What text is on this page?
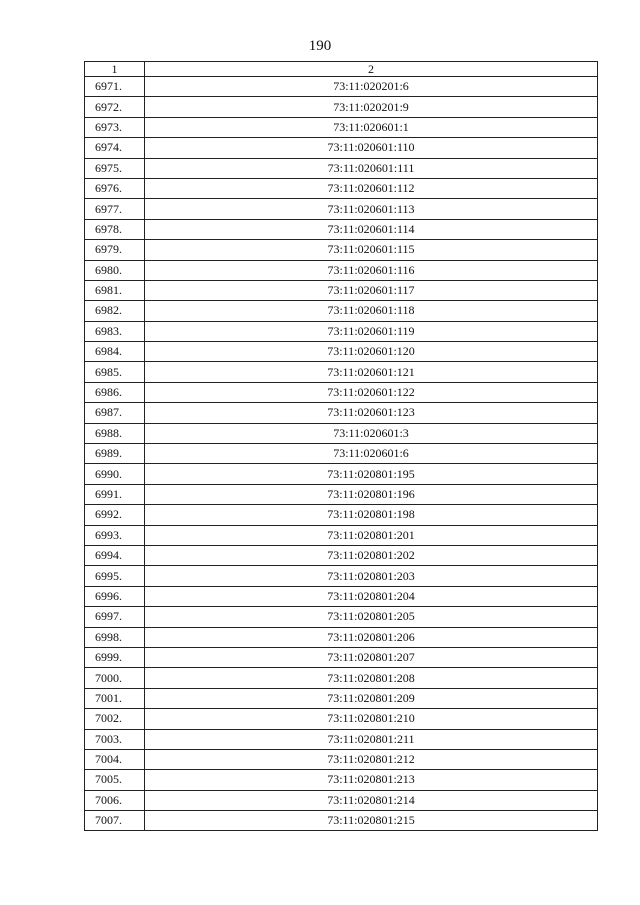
190
1	2
6971.	73:11:020201:6
6972.	73:11:020201:9
6973.	73:11:020601:1
6974.	73:11:020601:110
6975.	73:11:020601:111
6976.	73:11:020601:112
6977.	73:11:020601:113
6978.	73:11:020601:114
6979.	73:11:020601:115
6980.	73:11:020601:116
6981.	73:11:020601:117
6982.	73:11:020601:118
6983.	73:11:020601:119
6984.	73:11:020601:120
6985.	73:11:020601:121
6986.	73:11:020601:122
6987.	73:11:020601:123
6988.	73:11:020601:3
6989.	73:11:020601:6
6990.	73:11:020801:195
6991.	73:11:020801:196
6992.	73:11:020801:198
6993.	73:11:020801:201
6994.	73:11:020801:202
6995.	73:11:020801:203
6996.	73:11:020801:204
6997.	73:11:020801:205
6998.	73:11:020801:206
6999.	73:11:020801:207
7000.	73:11:020801:208
7001.	73:11:020801:209
7002.	73:11:020801:210
7003.	73:11:020801:211
7004.	73:11:020801:212
7005.	73:11:020801:213
7006.	73:11:020801:214
7007.	73:11:020801:215
